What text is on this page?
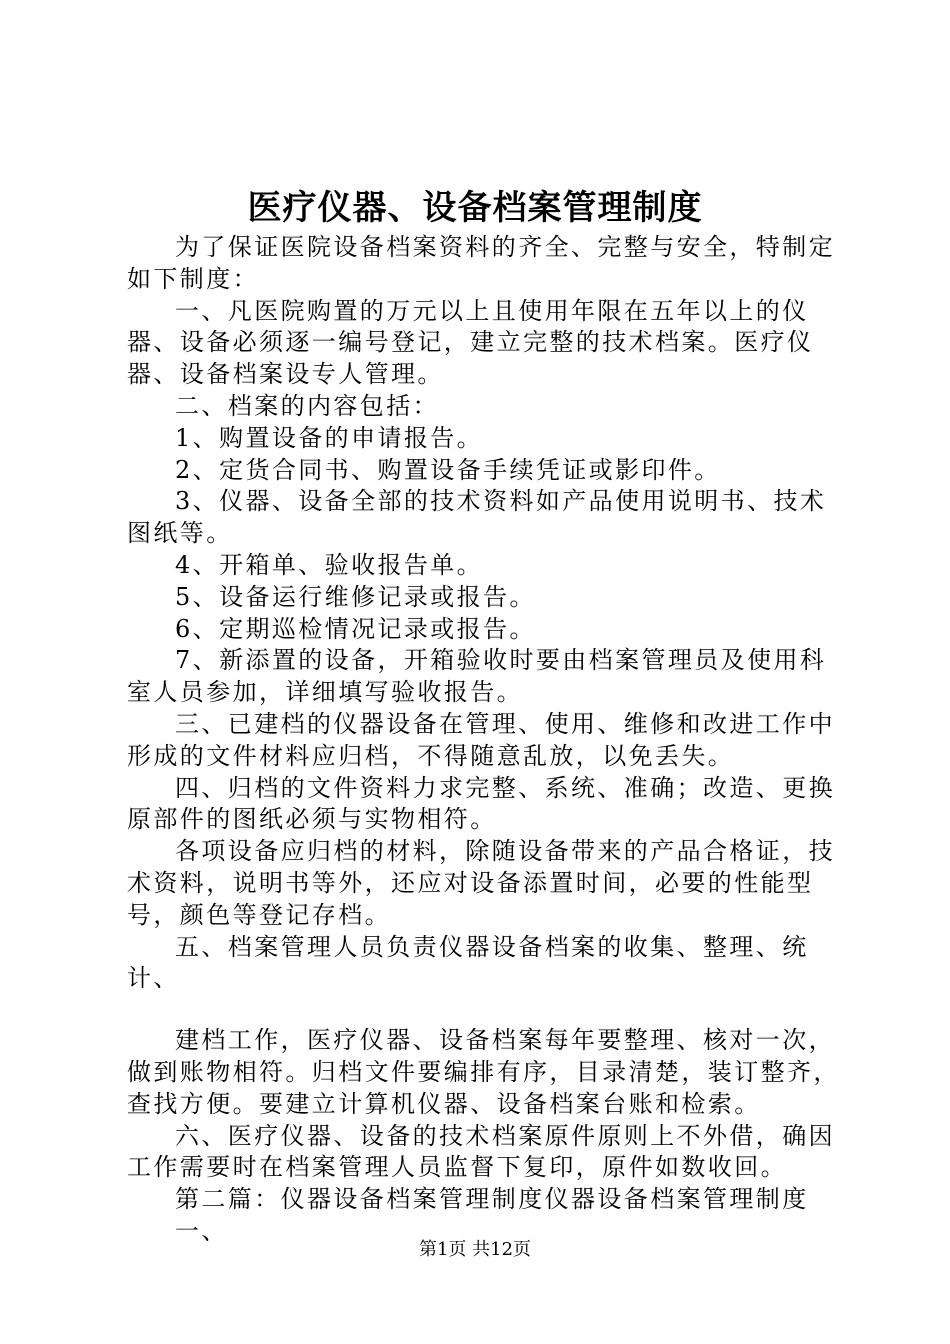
医疗仪器、设备档案管理制度

为了保证医院设备档案资料的齐全、完整与安全，特制定如下制度：

一、凡医院购置的万元以上且使用年限在五年以上的仪器、设备必须逐一编号登记，建立完整的技术档案。医疗仪器、设备档案设专人管理。

二、档案的内容包括：

1、购置设备的申请报告。

2、定货合同书、购置设备手续凭证或影印件。

3、仪器、设备全部的技术资料如产品使用说明书、技术图纸等。

4、开箱单、验收报告单。

5、设备运行维修记录或报告。

6、定期巡检情况记录或报告。

7、新添置的设备，开箱验收时要由档案管理员及使用科室人员参加，详细填写验收报告。

三、已建档的仪器设备在管理、使用、维修和改进工作中形成的文件材料应归档，不得随意乱放，以免丢失。

四、归档的文件资料力求完整、系统、准确；改造、更换原部件的图纸必须与实物相符。

各项设备应归档的材料，除随设备带来的产品合格证，技术资料，说明书等外，还应对设备添置时间，必要的性能型号，颜色等登记存档。

五、档案管理人员负责仪器设备档案的收集、整理、统计、

建档工作，医疗仪器、设备档案每年要整理、核对一次，做到账物相符。归档文件要编排有序，目录清楚，装订整齐，查找方便。要建立计算机仪器、设备档案台账和检索。

六、医疗仪器、设备的技术档案原件原则上不外借，确因工作需要时在档案管理人员监督下复印，原件如数收回。

第二篇：仪器设备档案管理制度仪器设备档案管理制度

一、

第1页 共12页
